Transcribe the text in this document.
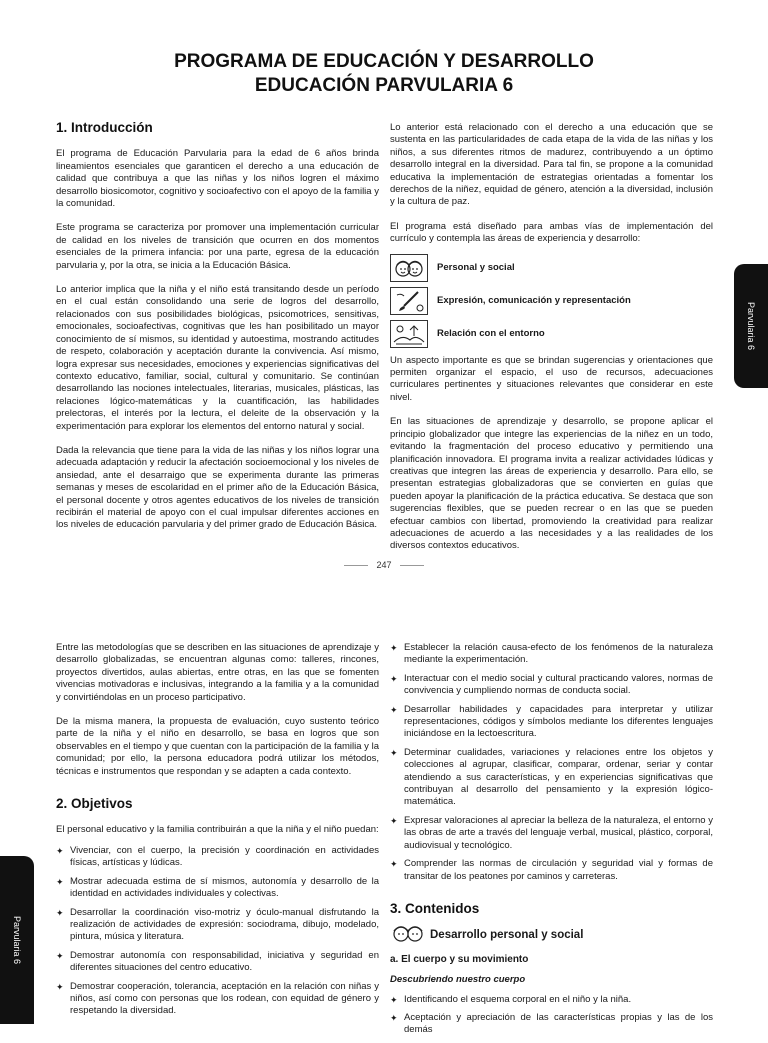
PROGRAMA DE EDUCACIÓN Y DESARROLLO
EDUCACIÓN PARVULARIA 6
1. Introducción

El programa de Educación Parvularia para la edad de 6 años brinda lineamientos esenciales que garanticen el derecho a una educación de calidad que contribuya a que las niñas y los niños logren el máximo desarrollo biosicomotor, cognitivo y socioafectivo con el apoyo de la familia y la comunidad.

Este programa se caracteriza por promover una implementación curricular de calidad en los niveles de transición que ocurren en dos momentos esenciales de la primera infancia: por una parte, egresa de la educación parvularia y, por la otra, se inicia a la Educación Básica.

Lo anterior implica que la niña y el niño está transitando desde un período en el cual están consolidando una serie de logros del desarrollo, relacionados con sus posibilidades biológicas, psicomotrices, sensitivas, emocionales, socioafectivas, cognitivas que les han posibilitado un mayor conocimiento de sí mismos, su identidad y autoestima, mostrando actitudes de respeto, colaboración y aceptación durante la convivencia. Así mismo, logra expresar sus necesidades, emociones y experiencias significativas del contexto educativo, familiar, social, cultural y comunitario. Se continúan desarrollando las nociones intelectuales, literarias, musicales, plásticas, las relaciones lógico-matemáticas y la cuantificación, las habilidades prelectoras, el interés por la lectura, el deleite de la observación y la experimentación para explorar los elementos del entorno natural y social.

Dada la relevancia que tiene para la vida de las niñas y los niños lograr una adecuada adaptación y reducir la afectación socioemocional y los niveles de ansiedad, ante el desarraigo que se experimenta durante las primeras semanas y meses de escolaridad en el primer año de la Educación Básica, el personal docente y otros agentes educativos de los niveles de transición recibirán el material de apoyo con el cual impulsar diferentes acciones en los niveles de educación parvularia y del primer grado de Educación Básica.

Lo anterior está relacionado con el derecho a una educación que se sustenta en las particularidades de cada etapa de la vida de las niñas y los niños, a sus diferentes ritmos de madurez, contribuyendo a un óptimo desarrollo integral en la diversidad. Para tal fin, se propone a la comunidad educativa la implementación de estrategias orientadas a fomentar los derechos de la niñez, equidad de género, atención a la diversidad, inclusión y la cultura de paz.

El programa está diseñado para ambas vías de implementación del currículo y contempla las áreas de experiencia y desarrollo:

Personal y social
Expresión, comunicación y representación
Relación con el entorno

Un aspecto importante es que se brindan sugerencias y orientaciones que permiten organizar el espacio, el uso de recursos, adecuaciones curriculares pertinentes y situaciones relevantes que considerar en este nivel.

En las situaciones de aprendizaje y desarrollo, se propone aplicar el principio globalizador que integre las experiencias de la niñez en un todo, evitando la fragmentación del proceso educativo y permitiendo una planificación innovadora. El programa invita a realizar actividades lúdicas y creativas que integren las áreas de experiencia y desarrollo. Para ello, se presentan estrategias globalizadoras que se convierten en guías que pueden apoyar la planificación de la práctica educativa. Se destaca que son sugerencias flexibles, que se pueden recrear o en las que se pueden efectuar cambios con libertad, promoviendo la creatividad para realizar adecuaciones de acuerdo a las necesidades y a las realidades de los diversos contextos educativos.

247
Parvularia 6

Entre las metodologías que se describen en las situaciones de aprendizaje y desarrollo globalizadas, se encuentran algunas como: talleres, rincones, proyectos divertidos, aulas abiertas, entre otras, en las que se fomenten vivencias motivadoras e inclusivas, integrando a la familia y a la comunidad y convirtiéndolas en un proceso participativo.

De la misma manera, la propuesta de evaluación, cuyo sustento teórico parte de la niña y el niño en desarrollo, se basa en logros que son observables en el tiempo y que cuentan con la participación de la familia y la comunidad; por ello, la persona educadora podrá utilizar los métodos, técnicas e instrumentos que respondan y se adapten a cada contexto.

2. Objetivos

El personal educativo y la familia contribuirán a que la niña y el niño puedan:

✦ Vivenciar, con el cuerpo, la precisión y coordinación en actividades físicas, artísticas y lúdicas.
✦ Mostrar adecuada estima de sí mismos, autonomía y desarrollo de la identidad en actividades individuales y colectivas.
✦ Desarrollar la coordinación viso-motriz y óculo-manual disfrutando la realización de actividades de expresión: sociodrama, dibujo, modelado, pintura, música y literatura.
✦ Demostrar autonomía con responsabilidad, iniciativa y seguridad en diferentes situaciones del centro educativo.
✦ Demostrar cooperación, tolerancia, aceptación en la relación con niñas y niños, así como con personas que los rodean, con equidad de género y respetando la diversidad.
✦ Establecer la relación causa-efecto de los fenómenos de la naturaleza mediante la experimentación.
✦ Interactuar con el medio social y cultural practicando valores, normas de convivencia y cumpliendo normas de conducta social.
✦ Desarrollar habilidades y capacidades para interpretar y utilizar representaciones, códigos y símbolos mediante los diferentes lenguajes iniciándose en la lectoescritura.
✦ Determinar cualidades, variaciones y relaciones entre los objetos y colecciones al agrupar, clasificar, comparar, ordenar, seriar y contar atendiendo a sus características, y en experiencias significativas que contribuyan al desarrollo del pensamiento y la expresión lógico-matemática.
✦ Expresar valoraciones al apreciar la belleza de la naturaleza, el entorno y las obras de arte a través del lenguaje verbal, musical, plástico, corporal, audiovisual y tecnológico.
✦ Comprender las normas de circulación y seguridad vial y formas de transitar de los peatones por caminos y carreteras.
3. Contenidos
Desarrollo personal y social
a. El cuerpo y su movimiento
Descubriendo nuestro cuerpo
✦ Identificando el esquema corporal en el niño y la niña.
✦ Aceptación y apreciación de las características propias y las de los demás
Parvularia 6
